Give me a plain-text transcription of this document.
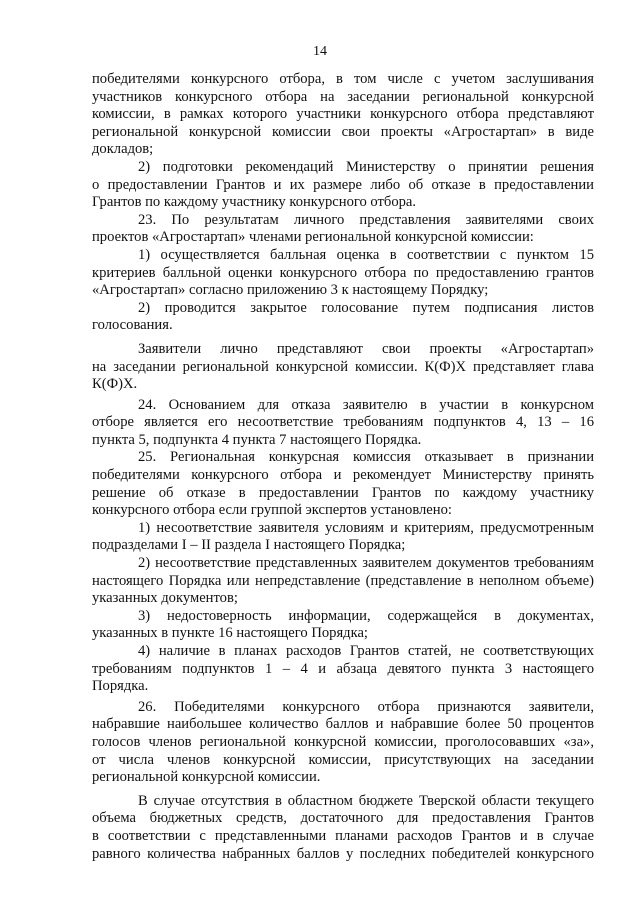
14
победителями конкурсного отбора, в том числе с учетом заслушивания
участников конкурсного отбора на заседании региональной конкурсной
комиссии, в рамках которого участники конкурсного отбора представляют
региональной конкурсной комиссии свои проекты «Агростартап» в виде
докладов;
2) подготовки рекомендаций Министерству о принятии решения
о предоставлении Грантов и их размере либо об отказе в предоставлении
Грантов по каждому участнику конкурсного отбора.
23. По результатам личного представления заявителями своих
проектов «Агростартап» членами региональной конкурсной комиссии:
1) осуществляется балльная оценка в соответствии с пунктом 15
критериев балльной оценки конкурсного отбора по предоставлению грантов
«Агростартап» согласно приложению 3 к настоящему Порядку;
2) проводится закрытое голосование путем подписания листов
голосования.
Заявители лично представляют свои проекты «Агростартап»
на заседании региональной конкурсной комиссии. К(Ф)Х представляет глава
К(Ф)Х.
24. Основанием для отказа заявителю в участии в конкурсном
отборе является его несоответствие требованиям подпунктов 4, 13 – 16
пункта 5, подпункта 4 пункта 7 настоящего Порядка.
25. Региональная конкурсная комиссия отказывает в признании
победителями конкурсного отбора и рекомендует Министерству принять
решение об отказе в предоставлении Грантов по каждому участнику
конкурсного отбора если группой экспертов установлено:
1) несоответствие заявителя условиям и критериям, предусмотренным
подразделами I – II раздела I настоящего Порядка;
2) несоответствие представленных заявителем документов требованиям
настоящего Порядка или непредставление (представление в неполном объеме)
указанных документов;
3) недостоверность информации, содержащейся в документах,
указанных в пункте 16 настоящего Порядка;
4) наличие в планах расходов Грантов статей, не соответствующих
требованиям подпунктов 1 – 4 и абзаца девятого пункта 3 настоящего
Порядка.
26. Победителями конкурсного отбора признаются заявители,
набравшие наибольшее количество баллов и набравшие более 50 процентов
голосов членов региональной конкурсной комиссии, проголосовавших «за»,
от числа членов конкурсной комиссии, присутствующих на заседании
региональной конкурсной комиссии.
В случае отсутствия в областном бюджете Тверской области текущего
объема бюджетных средств, достаточного для предоставления Грантов
в соответствии с представленными планами расходов Грантов и в случае
равного количества набранных баллов у последних победителей конкурсного
